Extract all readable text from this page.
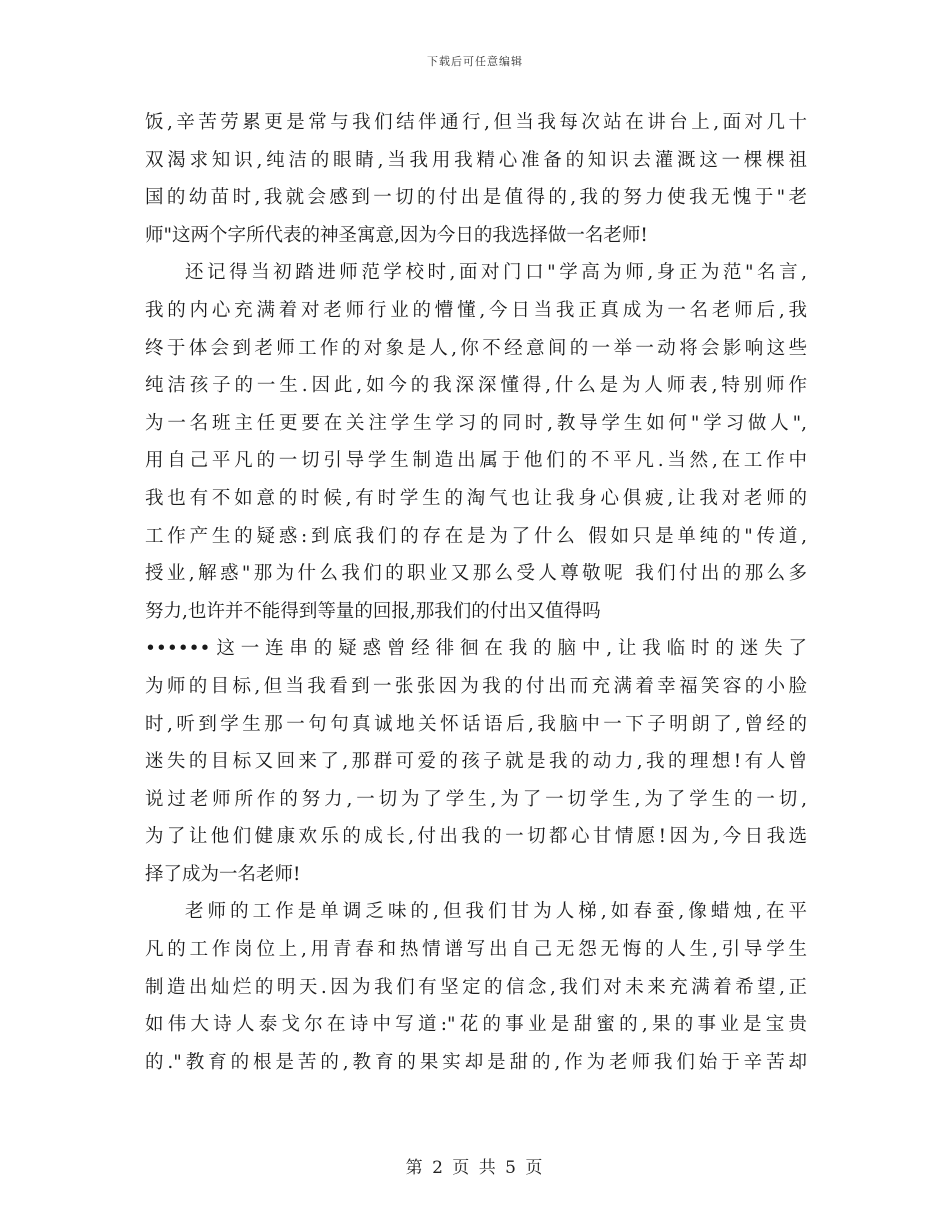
下载后可任意编辑
饭,辛苦劳累更是常与我们结伴通行,但当我每次站在讲台上,面对几十
双渴求知识,纯洁的眼睛,当我用我精心准备的知识去灌溉这一棵棵祖
国的幼苗时,我就会感到一切的付出是值得的,我的努力使我无愧于"老
师"这两个字所代表的神圣寓意,因为今日的我选择做一名老师!
还记得当初踏进师范学校时,面对门口"学高为师,身正为范"名言,
我的内心充满着对老师行业的懵懂,今日当我正真成为一名老师后,我
终于体会到老师工作的对象是人,你不经意间的一举一动将会影响这些
纯洁孩子的一生.因此,如今的我深深懂得,什么是为人师表,特别师作
为一名班主任更要在关注学生学习的同时,教导学生如何"学习做人",
用自己平凡的一切引导学生制造出属于他们的不平凡.当然,在工作中
我也有不如意的时候,有时学生的淘气也让我身心俱疲,让我对老师的
工作产生的疑惑:到底我们的存在是为了什么 假如只是单纯的"传道,
授业,解惑"那为什么我们的职业又那么受人尊敬呢 我们付出的那么多
努力,也许并不能得到等量的回报,那我们的付出又值得吗
••••••这一连串的疑惑曾经徘徊在我的脑中,让我临时的迷失了
为师的目标,但当我看到一张张因为我的付出而充满着幸福笑容的小脸
时,听到学生那一句句真诚地关怀话语后,我脑中一下子明朗了,曾经的
迷失的目标又回来了,那群可爱的孩子就是我的动力,我的理想!有人曾
说过老师所作的努力,一切为了学生,为了一切学生,为了学生的一切,
为了让他们健康欢乐的成长,付出我的一切都心甘情愿!因为,今日我选
择了成为一名老师!
老师的工作是单调乏味的,但我们甘为人梯,如春蚕,像蜡烛,在平
凡的工作岗位上,用青春和热情谱写出自己无怨无悔的人生,引导学生
制造出灿烂的明天.因为我们有坚定的信念,我们对未来充满着希望,正
如伟大诗人泰戈尔在诗中写道:"花的事业是甜蜜的,果的事业是宝贵
的."教育的根是苦的,教育的果实却是甜的,作为老师我们始于辛苦却
第 2 页 共 5 页
